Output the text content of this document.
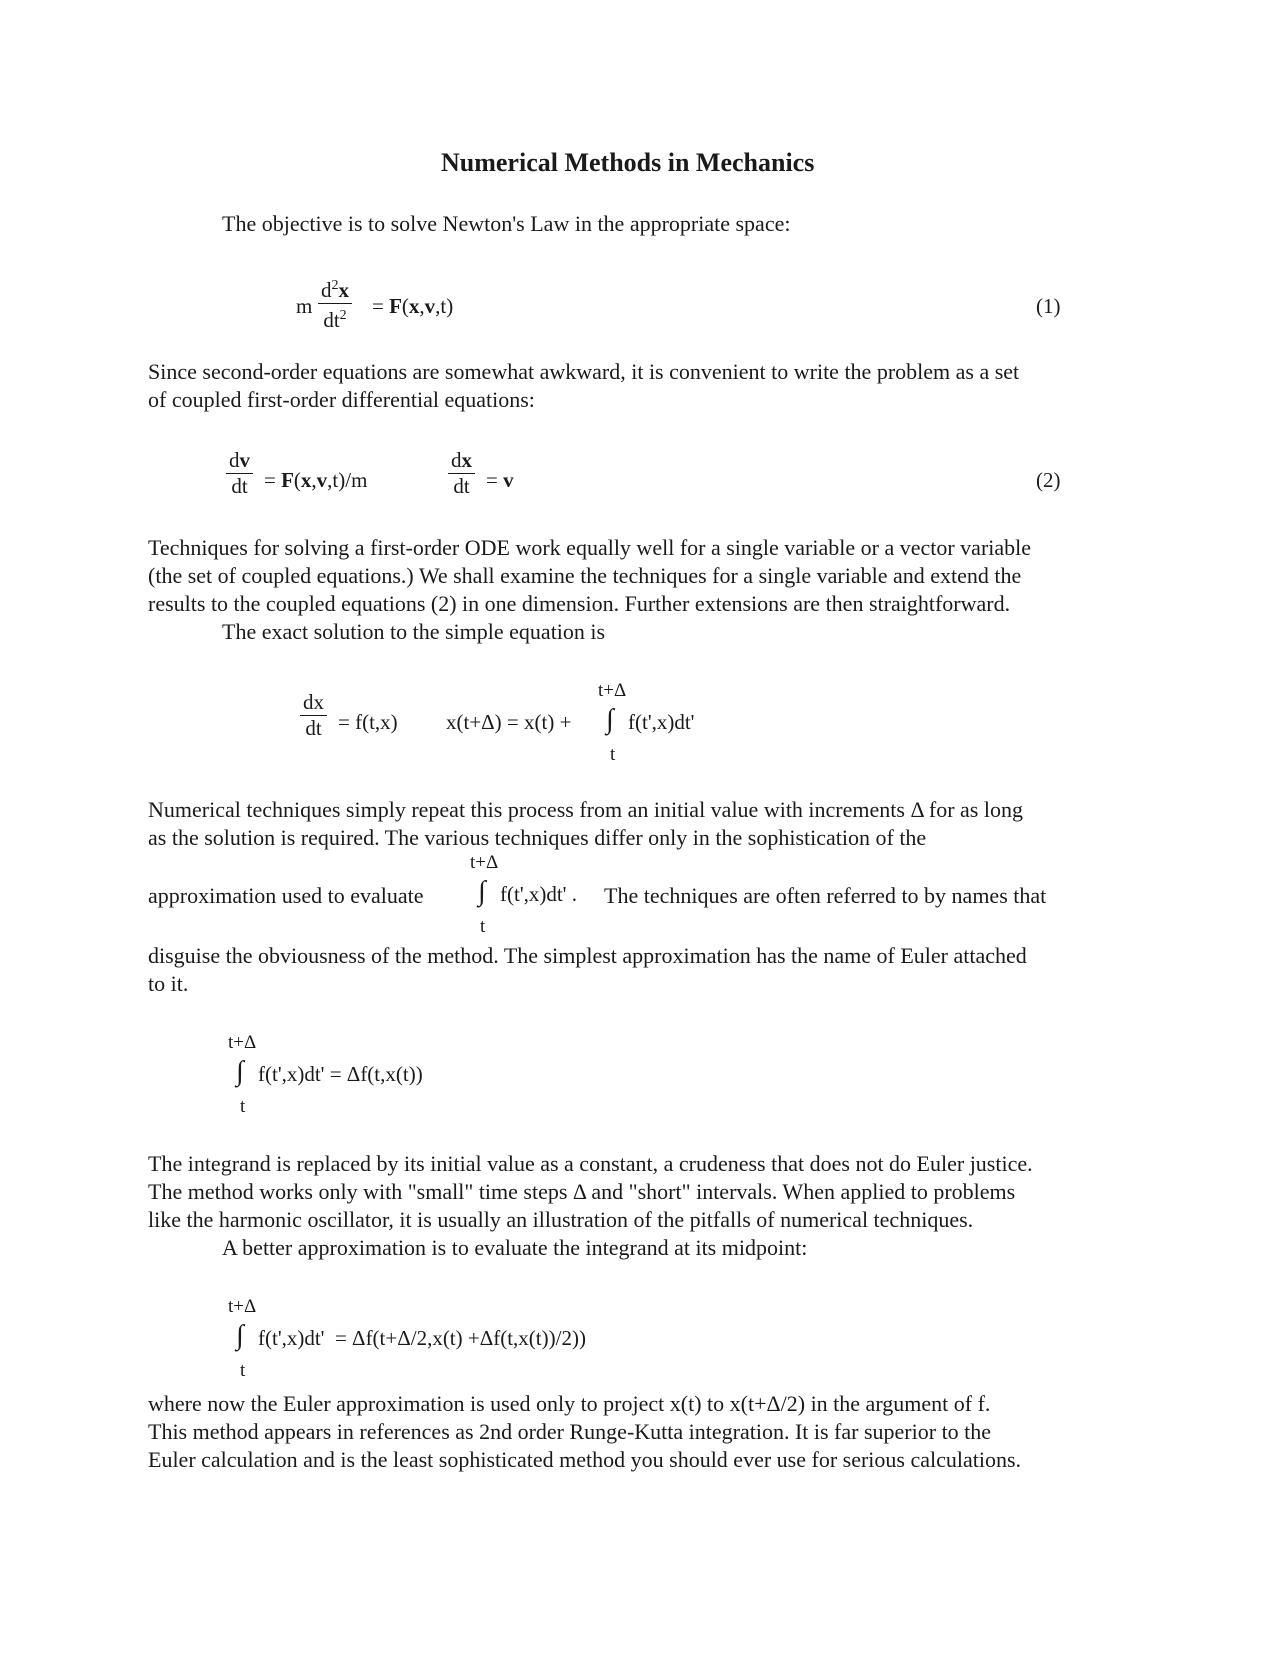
Numerical Methods in Mechanics
The objective is to solve Newton's Law in the appropriate space:
m $\frac{d^2x}{dt^2} = F(x,v,t)$	(1)
Since second-order equations are somewhat awkward, it is convenient to write the problem as a set
of coupled first-order differential equations:
$\frac{dv}{dt} = F(x,v,t)/m$	$\frac{dx}{dt} = v$	(2)
Techniques for solving a first-order ODE work equally well for a single variable or a vector variable
(the set of coupled equations.) We shall examine the techniques for a single variable and extend the
results to the coupled equations (2) in one dimension. Further extensions are then straightforward.
The exact solution to the simple equation is
$\frac{dx}{dt} = f(t,x) x(t+\Delta) = x(t)$ +
t+Δ
∫ f(t',x)dt'
t
Numerical techniques simply repeat this process from an initial value with increments Δ for as long
as the solution is required. The various techniques differ only in the sophistication of the
approximation used to evaluate
t+Δ
∫ f(t',x)dt' . The techniques are often referred to by names that
t
disguise the obviousness of the method. The simplest approximation has the name of Euler attached
to it.
t+Δ
∫ f(t',x)dt' = Δf(t,x(t))
t
The integrand is replaced by its initial value as a constant, a crudeness that does not do Euler justice.
The method works only with "small" time steps Δ and "short" intervals. When applied to problems
like the harmonic oscillator, it is usually an illustration of the pitfalls of numerical techniques.
A better approximation is to evaluate the integrand at its midpoint:
t+Δ
∫ f(t',x)dt'  = Δf(t+Δ/2,x(t) +Δf(t,x(t))/2))
t
where now the Euler approximation is used only to project x(t) to x(t+Δ/2) in the argument of f.
This method appears in references as 2nd order Runge-Kutta integration. It is far superior to the
Euler calculation and is the least sophisticated method you should ever use for serious calculations.
